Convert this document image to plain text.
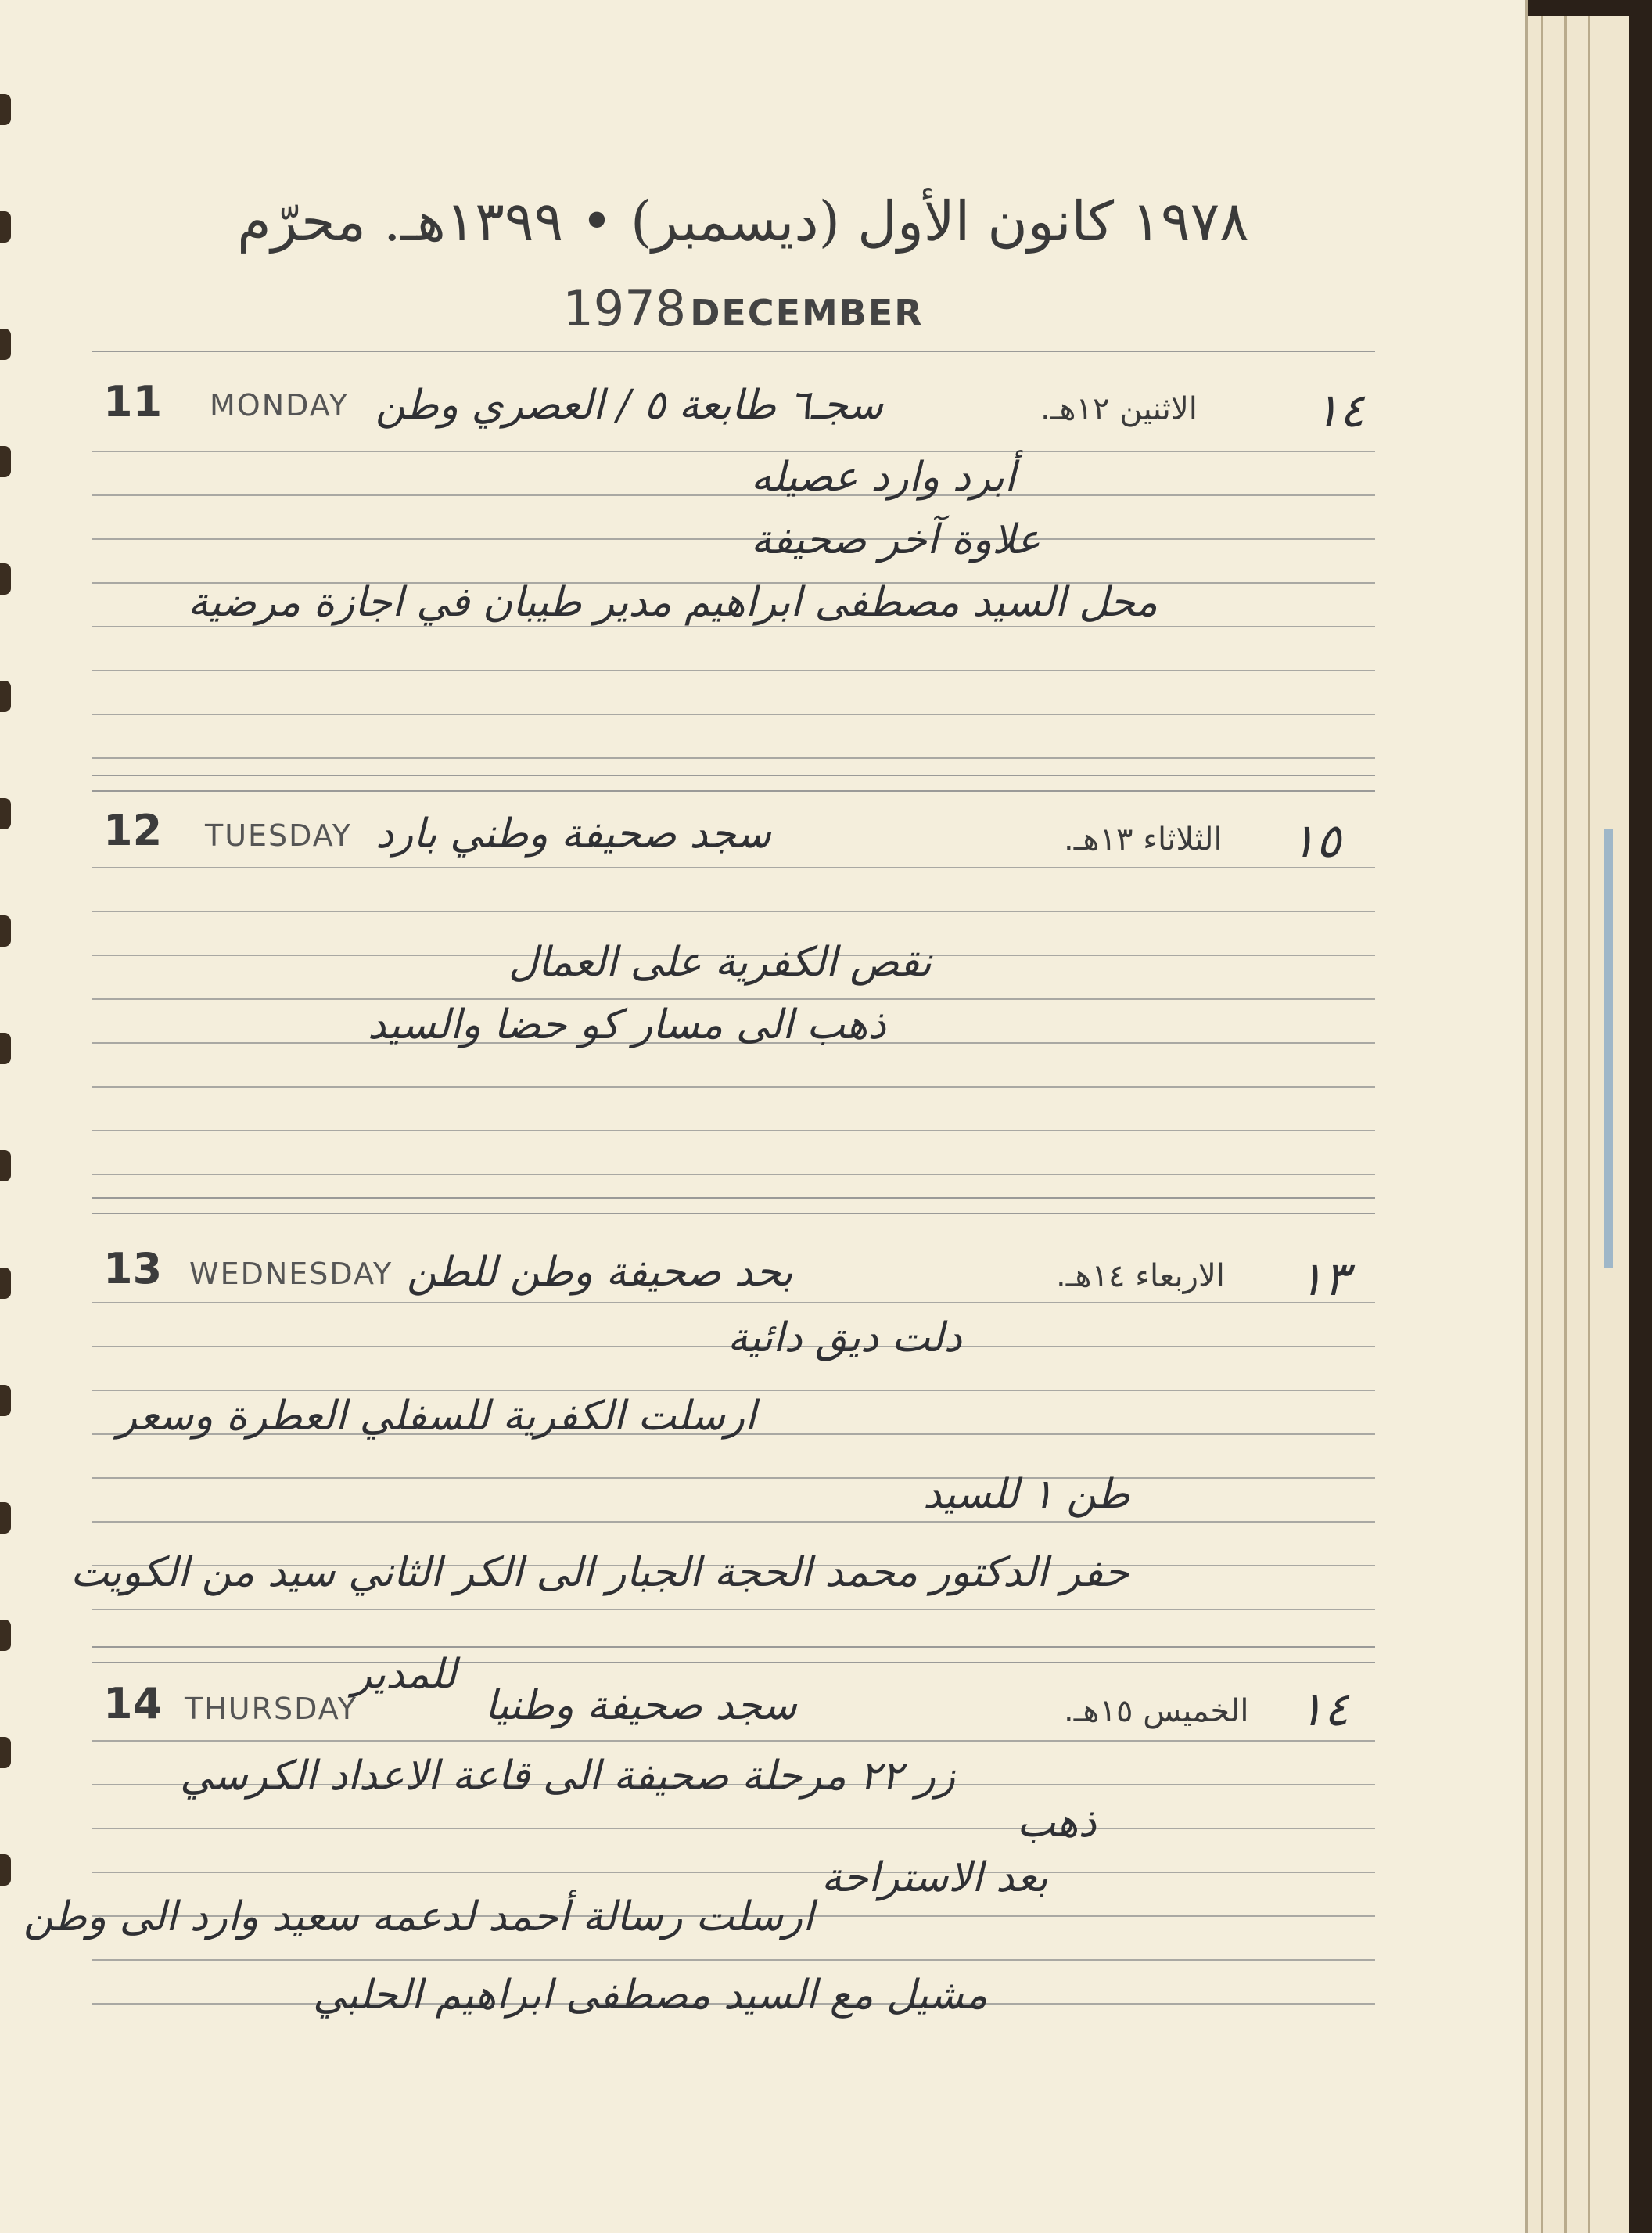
١٩٧٨ كانون الأول (ديسمبر) • ١٣٩٩هـ. محرّم
1978 DECEMBER
11 MONDAY	الاثنين ١٢هـ. ١٤
سجـ٦ طابعة ٥ / العصري وطن
أبرد وارد عصيله
علاوة آخر صحيفة
محل السيد مصطفى ابراهيم مدير طيبان في اجازة مرضية
12 TUESDAY	الثلاثاء ١٣هـ. ١٥
سجد صحيفة وطني بارد
نقص الكفرية على العمال
ذهب الى مسار كو حضا والسيد
13 WEDNESDAY	الاربعاء ١٤هـ. ١٣
بحد صحيفة وطن للطن
دلت ديق دائية
ارسلت الكفرية للسفلي العطرة وسعر
طن ١ للسيد
حفر الدكتور محمد الحجة الجبار الى الكر الثاني سيد من الكويت
14 THURSDAY	الخميس ١٥هـ. ١٤
سجد صحيفة وطنيا
للمدير
زر ٢٢ مرحلة صحيفة الى قاعة الاعداد الكرسي
ذهب
بعد الاستراحة
ارسلت رسالة أحمد لدعمه سعيد وارد الى وطن
مشيل مع السيد مصطفى ابراهيم الحلبي
